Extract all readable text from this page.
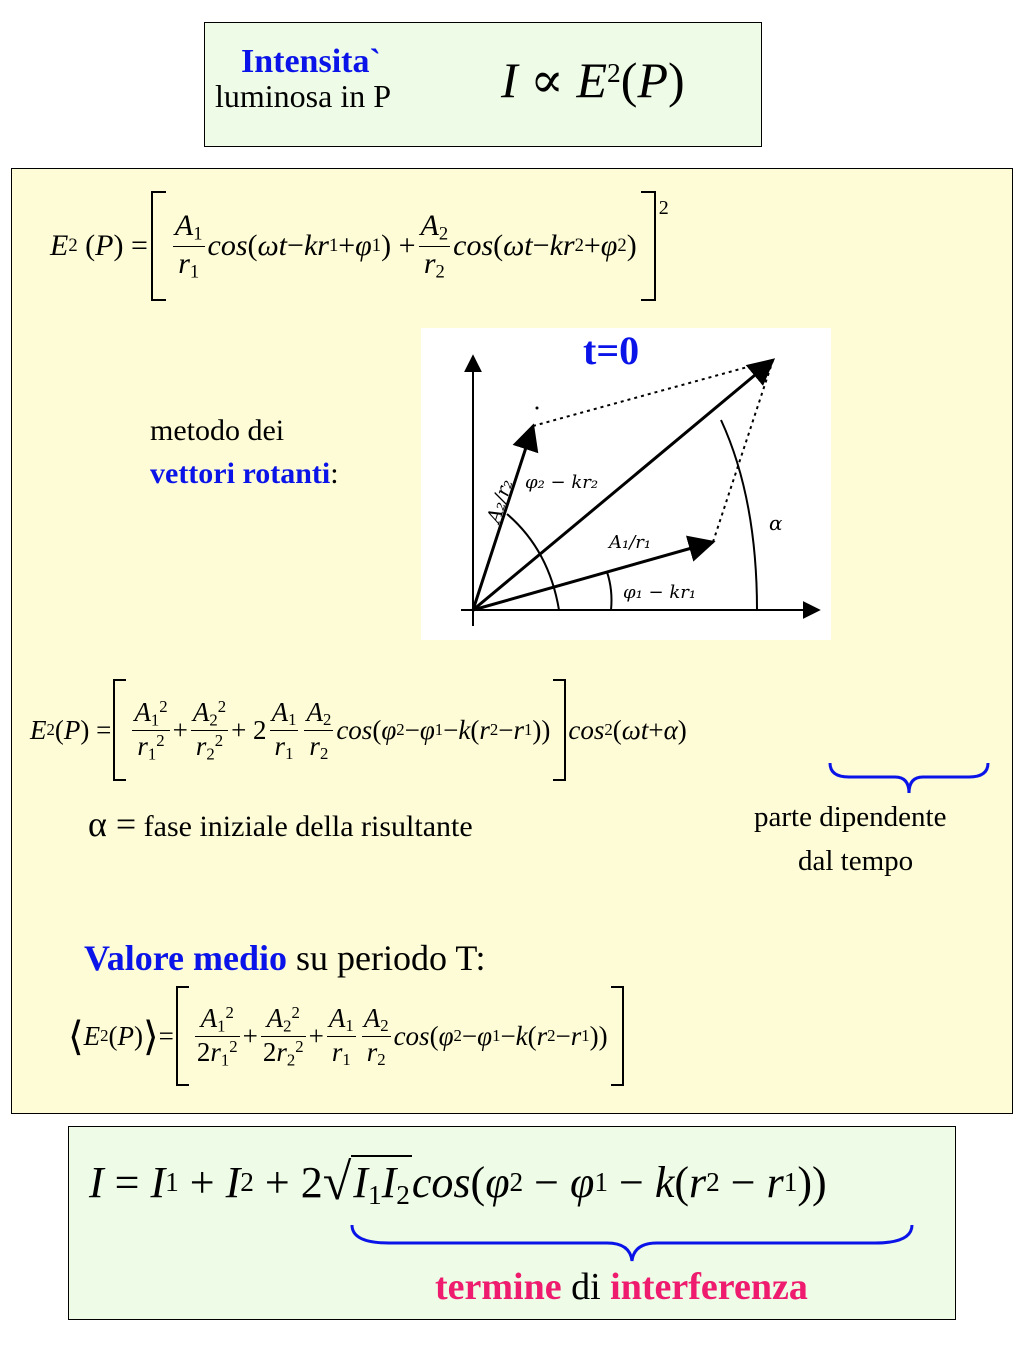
Intensita`
luminosa in P $I \propto E^2(P)$
E 2 ( P ) = $\frac{A_1}{r_1}$ cos ( ωt − kr 1 + φ 1 ) + $\frac{A_2}{r_2}$ cos ( ωt − kr 2 + φ 2 )
2
metodo dei
vettori rotanti:
E 2 ( P ) = $\frac{A_1^2}{r_1^2} + \frac{A_2^2}{r_2^2} + 2 \frac{A_1}{r_1} \frac{A_2}{r_2}$ cos ( φ 2 − φ 1 − k ( r 2 − r 1 )) cos 2 ( ωt + α )
α = fase iniziale della risultante	parte dipendente
dal tempo
Valore medio su periodo T:
⟨ E 2 ( P ) ⟩ = $\frac{A_1^2}{2r_1^2} + \frac{A_2^2}{2r_2^2} + \frac{A_1}{r_1} \frac{A_2}{r_2}$ cos ( φ 2 − φ 1 − k ( r 2 − r 1 ))
A₂/r₂ φ₂ − kr₂
A₁/r₁
φ₁ − kr₁
α
t=0
I = I 1 + I 2 + 2 √ $I_1I_2$ cos ( φ 2 − φ 1 − k ( r 2 − r 1 ))
termine di interferenza
